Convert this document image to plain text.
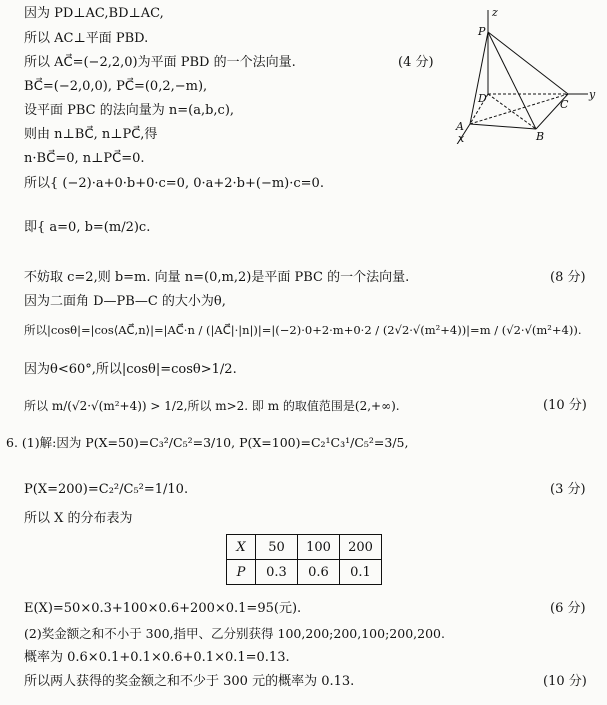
因为 PD⊥AC,BD⊥AC,
所以 AC⊥平面 PBD.
所以 AC⃗=(−2,2,0)为平面 PBD 的一个法向量.
BC⃗=(−2,0,0), PC⃗=(0,2,−m),
设平面 PBC 的法向量为 n=(a,b,c),
则由 n⊥BC⃗, n⊥PC⃗,得
n·BC⃗=0, n⊥PC⃗=0.
所以{ (−2)·a+0·b+0·c=0, 0·a+2·b+(−m)·c=0.
即{ a=0, b=(m/2)c.
不妨取 c=2,则 b=m. 向量 n=(0,m,2)是平面 PBC 的一个法向量.
因为二面角 D—PB—C 的大小为θ,
所以|cosθ|=|cos⟨AC⃗,n⟩|=|AC⃗·n / (|AC⃗|·|n|)|=|(−2)·0+2·m+0·2 / (2√2·√(m²+4))|=m / (√2·√(m²+4)).
因为θ<60°,所以|cosθ|=cosθ>1/2.
所以 m/(√2·√(m²+4)) > 1/2,所以 m>2. 即 m 的取值范围是(2,+∞).
6. (1)解:因为 P(X=50)=C₃²/C₅²=3/10, P(X=100)=C₂¹C₃¹/C₅²=3/5,
P(X=200)=C₂²/C₅²=1/10.
所以 X 的分布表为
E(X)=50×0.3+100×0.6+200×0.1=95(元).
(2)奖金额之和不小于 300,指甲、乙分别获得 100,200;200,100;200,200.
概率为 0.6×0.1+0.1×0.6+0.1×0.1=0.13.
所以两人获得的奖金额之和不少于 300 元的概率为 0.13.
(4 分)
(8 分)
(10 分)
(3 分)
(6 分)
(10 分)
X	50	100	200
P	0.3	0.6	0.1
P
z
D	C
y
A
B
x
